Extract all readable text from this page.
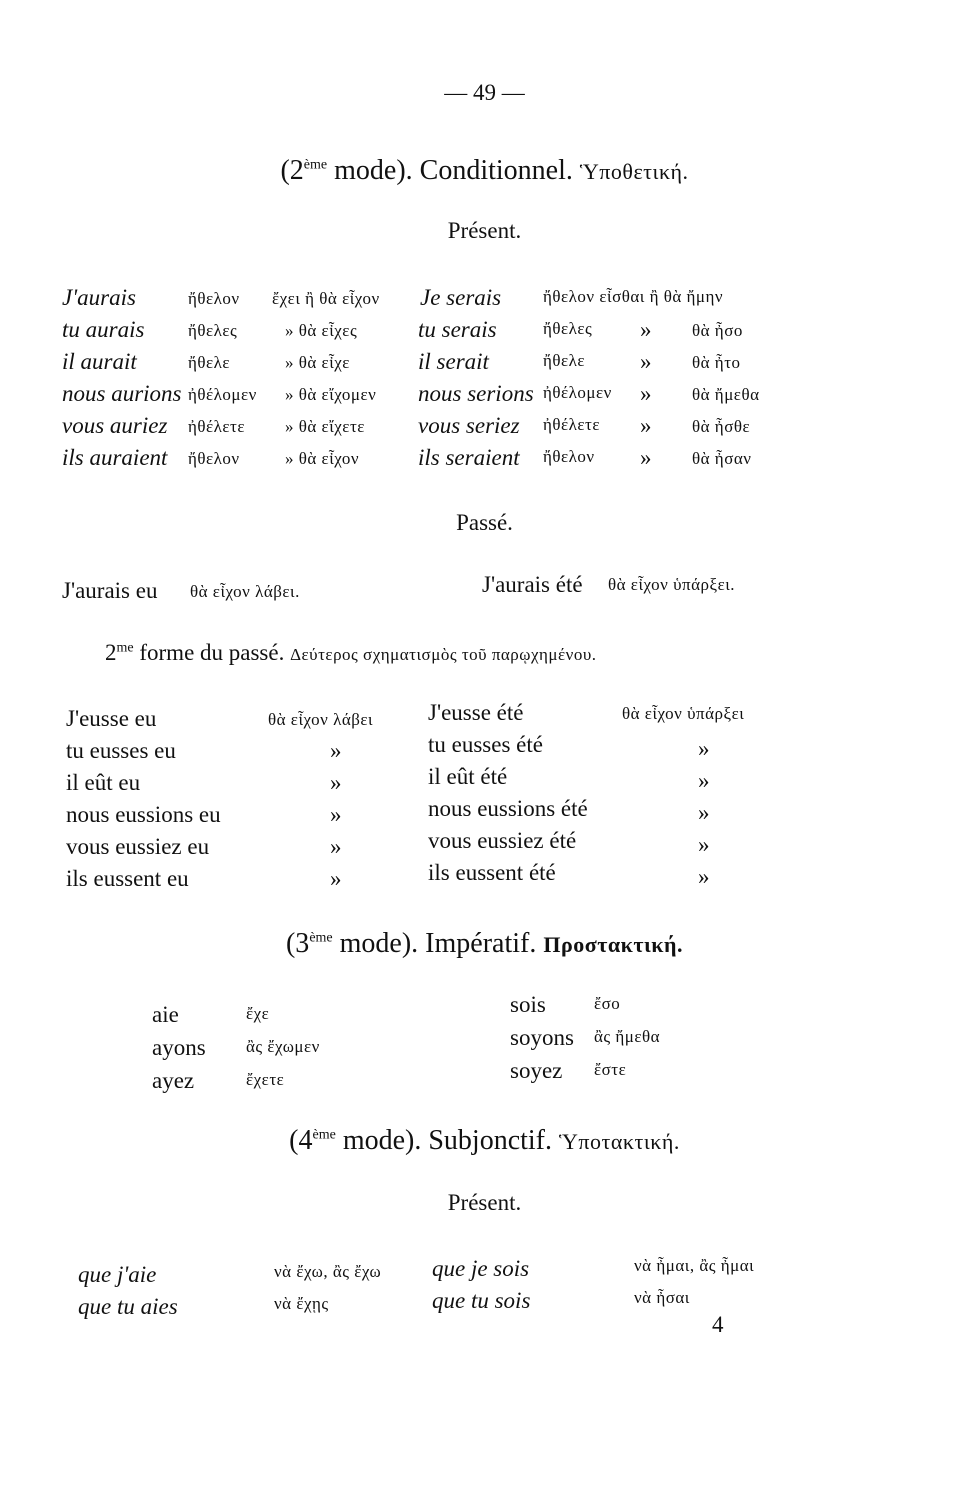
— 49 —
(2ème mode). Conditionnel. Ὑποθετική.
Présent.
J'aurais	ἤθελον ἔχει ἢ θὰ εἶχον
tu aurais	ἤθελες	» θὰ εἶχες
il aurait	ἤθελε	» θὰ εἶχε
nous aurions ἠθέλομεν » θὰ εἴχομεν
vous auriez ἠθέλετε » θὰ εἴχετε
ils auraient ἤθελον	» θὰ εἶχον
Je serais ἤθελον εἶσθαι ἢ θὰ ἤμην
tu serais	ἤθελες » θὰ ἦσο
il serait	ἤθελε » θὰ ἦτο
nous serions ἠθέλομεν » θὰ ἤμεθα
vous seriez ἠθέλετε » θὰ ἦσθε
ils seraient ἤθελον » θὰ ἦσαν
Passé.
J'aurais eu θὰ εἶχον λάβει.	J'aurais été θὰ εἶχον ὑπάρξει.
$2^{me}$ forme du passé. Δεύτερος σχηματισμὸς τοῦ παρῳχημένου.
J'eusse eu	θὰ εἶχον λάβει J'eusse été	θὰ εἶχον ὑπάρξει
tu eusses eu	»	tu eusses été	»
il eût eu	»	il eût été	»
nous eussions eu	»	nous eussions été	»
vous eussiez eu	»	vous eussiez été	»
ils eussent eu	»	ils eussent été	»
(3ème mode). Impératif. Προστακτική.
aie	ἔχε	sois	ἔσο
ayons ἂς ἔχωμεν	soyons ἂς ἤμεθα
ayez	ἔχετε	soyez ἔστε
(4ème mode). Subjonctif. Ὑποτακτική.
Présent.
que j'aie	νὰ ἔχω, ἂς ἔχω que je sois	νὰ ἦμαι, ἂς ἦμαι
que tu aies	νὰ ἔχῃς	que tu sois	νὰ ἦσαι
4
